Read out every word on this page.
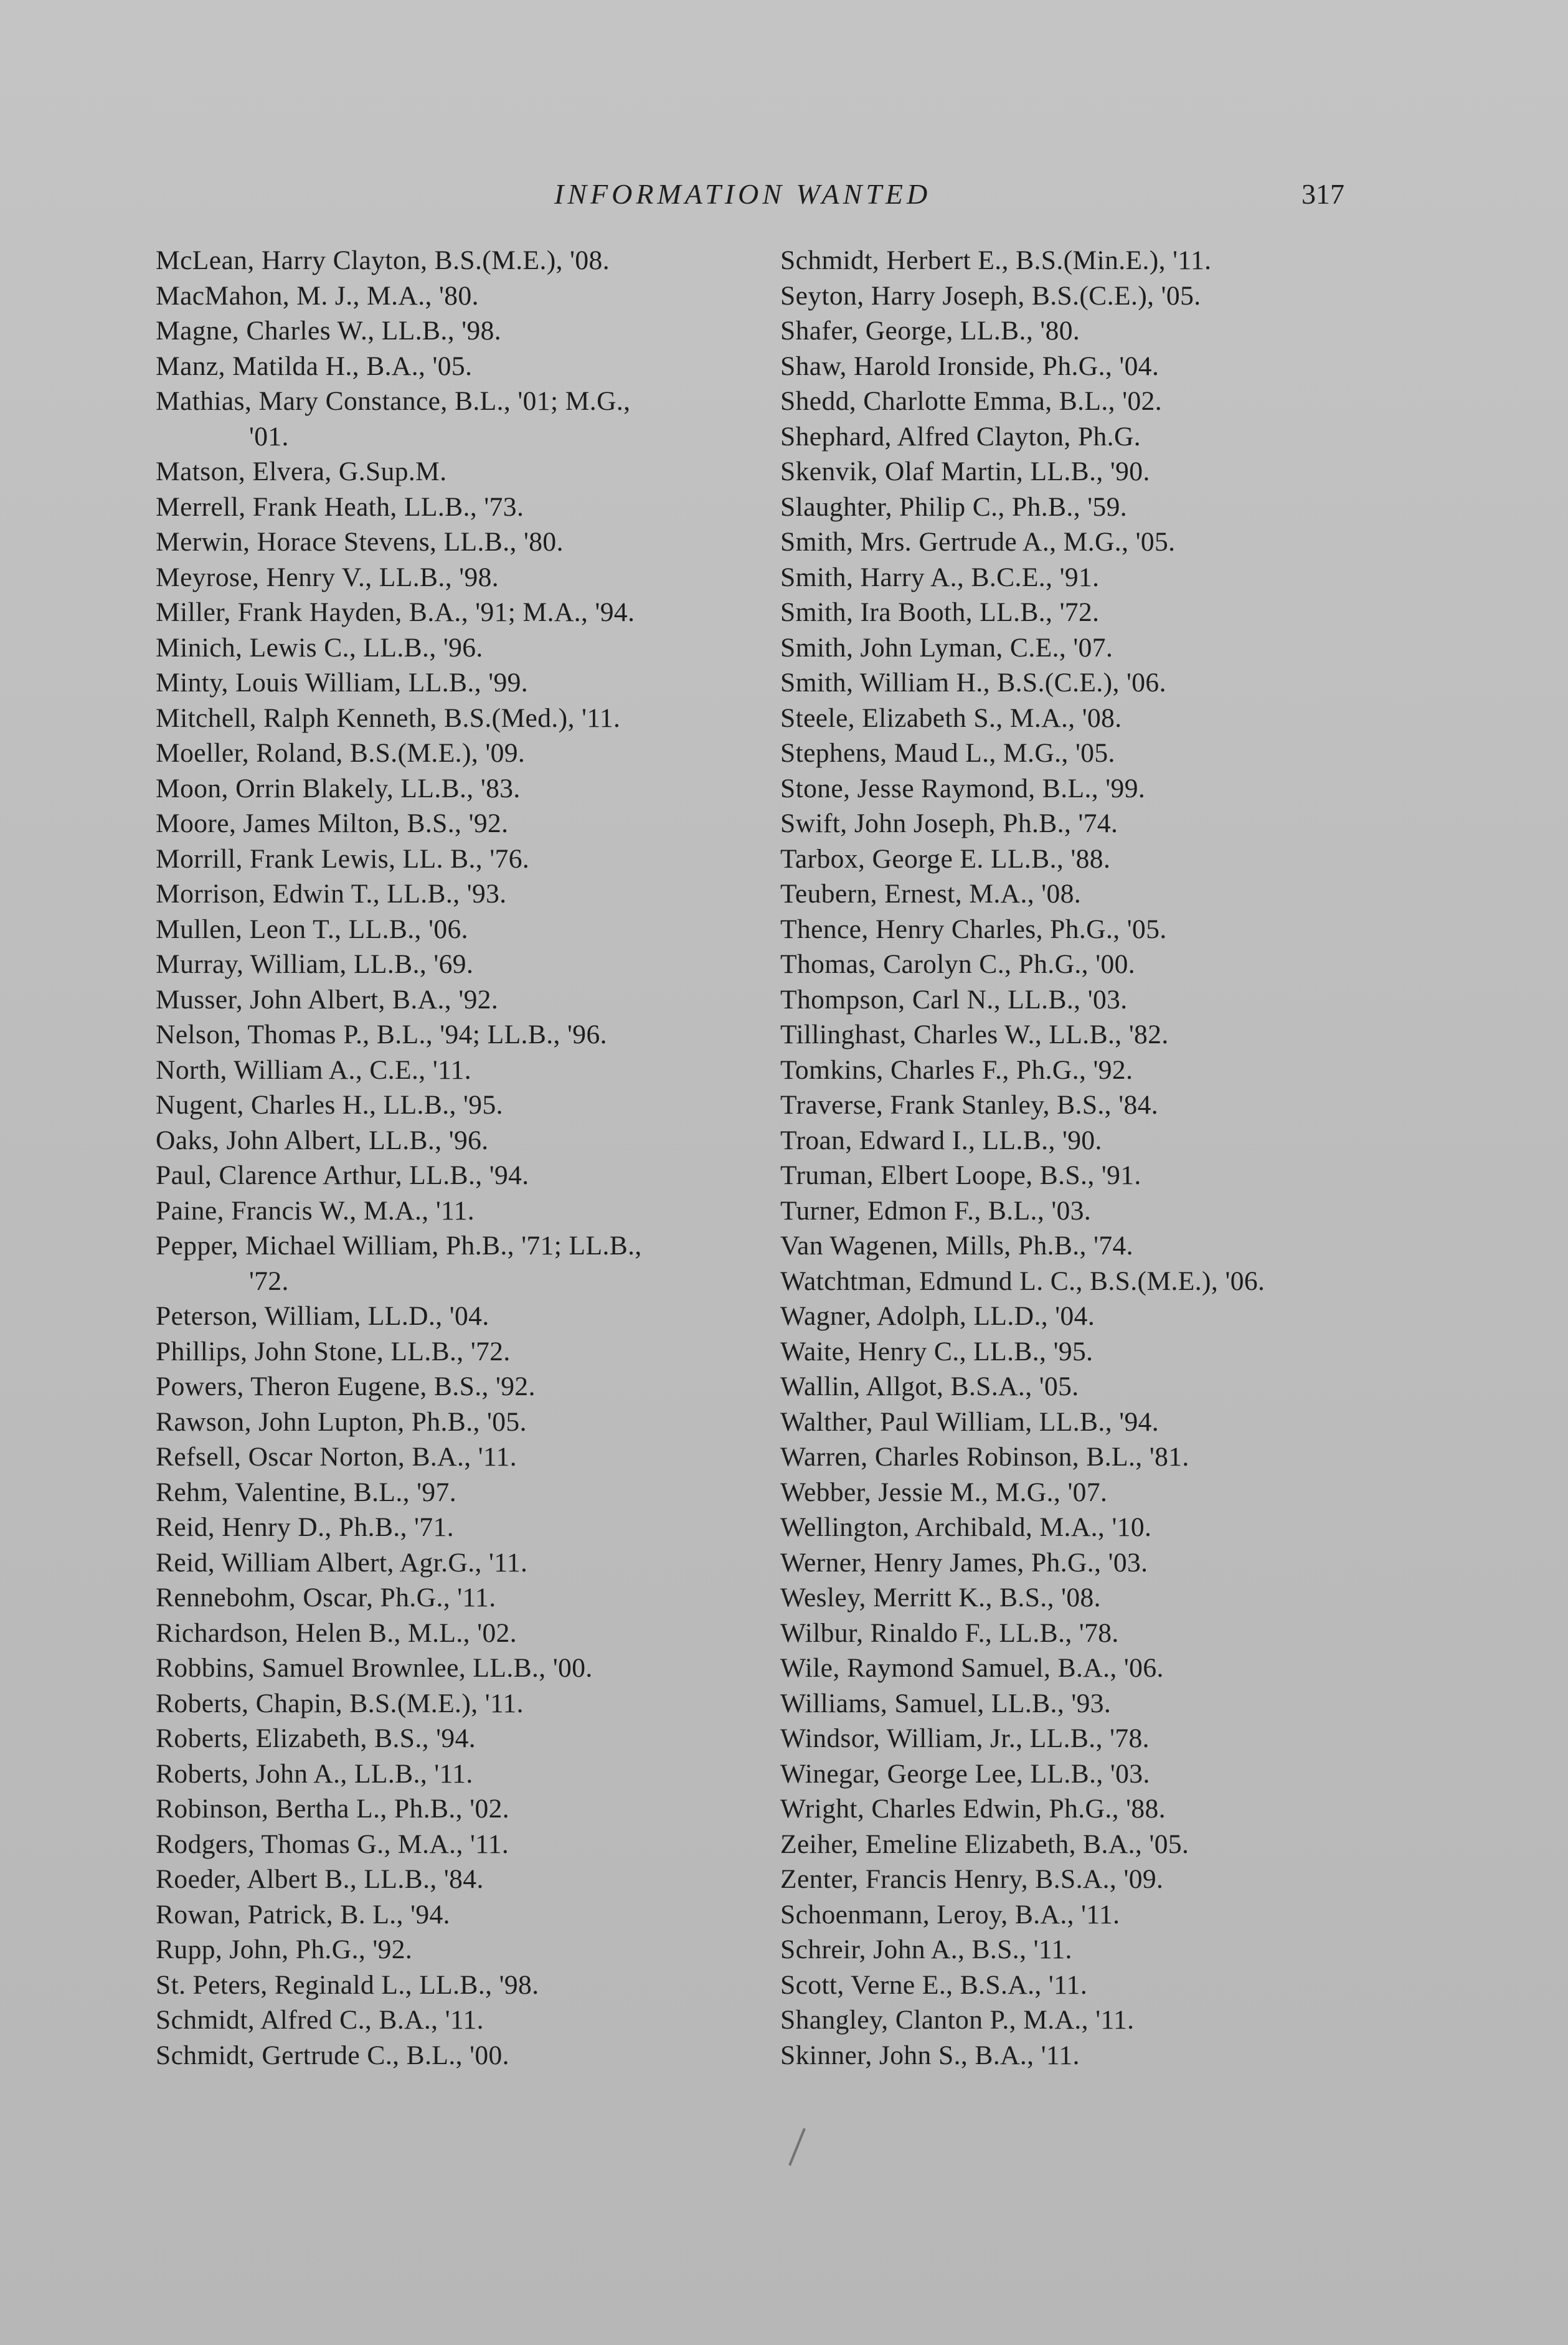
INFORMATION WANTED	317
McLean, Harry Clayton, B.S.(M.E.), '08.
MacMahon, M. J., M.A., '80.
Magne, Charles W., LL.B., '98.
Manz, Matilda H., B.A., '05.
Mathias, Mary Constance, B.L., '01; M.G.,
'01.
Matson, Elvera, G.Sup.M.
Merrell, Frank Heath, LL.B., '73.
Merwin, Horace Stevens, LL.B., '80.
Meyrose, Henry V., LL.B., '98.
Miller, Frank Hayden, B.A., '91; M.A., '94.
Minich, Lewis C., LL.B., '96.
Minty, Louis William, LL.B., '99.
Mitchell, Ralph Kenneth, B.S.(Med.), '11.
Moeller, Roland, B.S.(M.E.), '09.
Moon, Orrin Blakely, LL.B., '83.
Moore, James Milton, B.S., '92.
Morrill, Frank Lewis, LL. B., '76.
Morrison, Edwin T., LL.B., '93.
Mullen, Leon T., LL.B., '06.
Murray, William, LL.B., '69.
Musser, John Albert, B.A., '92.
Nelson, Thomas P., B.L., '94; LL.B., '96.
North, William A., C.E., '11.
Nugent, Charles H., LL.B., '95.
Oaks, John Albert, LL.B., '96.
Paul, Clarence Arthur, LL.B., '94.
Paine, Francis W., M.A., '11.
Pepper, Michael William, Ph.B., '71; LL.B.,
'72.
Peterson, William, LL.D., '04.
Phillips, John Stone, LL.B., '72.
Powers, Theron Eugene, B.S., '92.
Rawson, John Lupton, Ph.B., '05.
Refsell, Oscar Norton, B.A., '11.
Rehm, Valentine, B.L., '97.
Reid, Henry D., Ph.B., '71.
Reid, William Albert, Agr.G., '11.
Rennebohm, Oscar, Ph.G., '11.
Richardson, Helen B., M.L., '02.
Robbins, Samuel Brownlee, LL.B., '00.
Roberts, Chapin, B.S.(M.E.), '11.
Roberts, Elizabeth, B.S., '94.
Roberts, John A., LL.B., '11.
Robinson, Bertha L., Ph.B., '02.
Rodgers, Thomas G., M.A., '11.
Roeder, Albert B., LL.B., '84.
Rowan, Patrick, B. L., '94.
Rupp, John, Ph.G., '92.
St. Peters, Reginald L., LL.B., '98.
Schmidt, Alfred C., B.A., '11.
Schmidt, Gertrude C., B.L., '00.
Schmidt, Herbert E., B.S.(Min.E.), '11.
Seyton, Harry Joseph, B.S.(C.E.), '05.
Shafer, George, LL.B., '80.
Shaw, Harold Ironside, Ph.G., '04.
Shedd, Charlotte Emma, B.L., '02.
Shephard, Alfred Clayton, Ph.G.
Skenvik, Olaf Martin, LL.B., '90.
Slaughter, Philip C., Ph.B., '59.
Smith, Mrs. Gertrude A., M.G., '05.
Smith, Harry A., B.C.E., '91.
Smith, Ira Booth, LL.B., '72.
Smith, John Lyman, C.E., '07.
Smith, William H., B.S.(C.E.), '06.
Steele, Elizabeth S., M.A., '08.
Stephens, Maud L., M.G., '05.
Stone, Jesse Raymond, B.L., '99.
Swift, John Joseph, Ph.B., '74.
Tarbox, George E. LL.B., '88.
Teubern, Ernest, M.A., '08.
Thence, Henry Charles, Ph.G., '05.
Thomas, Carolyn C., Ph.G., '00.
Thompson, Carl N., LL.B., '03.
Tillinghast, Charles W., LL.B., '82.
Tomkins, Charles F., Ph.G., '92.
Traverse, Frank Stanley, B.S., '84.
Troan, Edward I., LL.B., '90.
Truman, Elbert Loope, B.S., '91.
Turner, Edmon F., B.L., '03.
Van Wagenen, Mills, Ph.B., '74.
Watchtman, Edmund L. C., B.S.(M.E.), '06.
Wagner, Adolph, LL.D., '04.
Waite, Henry C., LL.B., '95.
Wallin, Allgot, B.S.A., '05.
Walther, Paul William, LL.B., '94.
Warren, Charles Robinson, B.L., '81.
Webber, Jessie M., M.G., '07.
Wellington, Archibald, M.A., '10.
Werner, Henry James, Ph.G., '03.
Wesley, Merritt K., B.S., '08.
Wilbur, Rinaldo F., LL.B., '78.
Wile, Raymond Samuel, B.A., '06.
Williams, Samuel, LL.B., '93.
Windsor, William, Jr., LL.B., '78.
Winegar, George Lee, LL.B., '03.
Wright, Charles Edwin, Ph.G., '88.
Zeiher, Emeline Elizabeth, B.A., '05.
Zenter, Francis Henry, B.S.A., '09.
Schoenmann, Leroy, B.A., '11.
Schreir, John A., B.S., '11.
Scott, Verne E., B.S.A., '11.
Shangley, Clanton P., M.A., '11.
Skinner, John S., B.A., '11.
